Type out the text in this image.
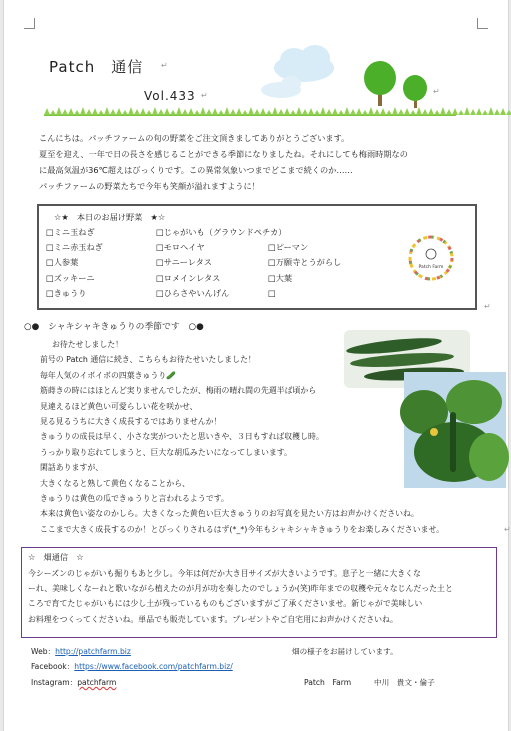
Patch　通信 ↵
Vol.433 ↵	↵

こんにちは。パッチファームの旬の野菜をご注文頂きましてありがとうございます。

夏至を迎え、一年で日の長さを感じることができる季節になりましたね。それにしても梅雨時期なの

に最高気温が36℃超えはびっくりです。この異常気象いつまでどこまで続くのか……

パッチファームの野菜たちで今年も笑顔が溢れますように！

☆★　本日のお届け野菜　★☆
□ミニ玉ねぎ	□じゃがいも（グラウンドペチカ）
□ミニ赤玉ねぎ	□モロヘイヤ	□ピーマン
□人参葉	□サニーレタス	□万願寺とうがらし
□ズッキーニ	□ロメインレタス	□大葉
□きゅうり	□ひらさやいんげん	□
Patch Farm
↵
○●　シャキシャキきゅうりの季節です　○●

お待たせしました！

前号の Patch 通信に続き、こちらもお待たせいたしました！

毎年人気のイボイボの四葉きゅうり🥒

筋蒔きの時にはほとんど実りませんでしたが、梅雨の晴れ間の先週半ば頃から

見違えるほど黄色い可愛らしい花を咲かせ、

見る見るうちに大きく成長するではありませんか！

きゅうりの成長は早く、小さな実がついたと思いきや、３日もすれば収穫し時。

うっかり取り忘れてしまうと、巨大な胡瓜みたいになってしまいます。

閑話ありますが、

大きくなると熟して黄色くなることから、

きゅうりは黄色の瓜できゅうりと言われるようです。

本来は黄色い姿なのかしら。大きくなった黄色い巨大きゅうりのお写真を見たい方はお声かけくださいね。

ここまで大きく成長するのか！とびっくりされるはず(*_*)今年もシャキシャキきゅうりをお楽しみくださいませ。	↵
☆　畑通信　☆

今シーズンのじゃがいも掘りもあと少し。今年は何だか大き目サイズが大きいようです。息子と一緒に大きくな

ーれ、美味しくなーれと歌いながら植えたのが月が功を奏したのでしょうか(笑)昨年までの収穫や元々なじんだった土と

ころで育てたじゃがいもには少し土が残っているものもございますがご了承くださいませ。新じゃがで美味しい

お料理をつくってくださいね。単品でも販売しています。プレゼントやご自宅用にお声かけくださいね。

Web：http://patchfarm.biz	畑の様子をお届けしています。
Facebook：https://www.facebook.com/patchfarm.biz/
Instagram：patchfarm	Patch　Farm	中川　貴文・倫子
